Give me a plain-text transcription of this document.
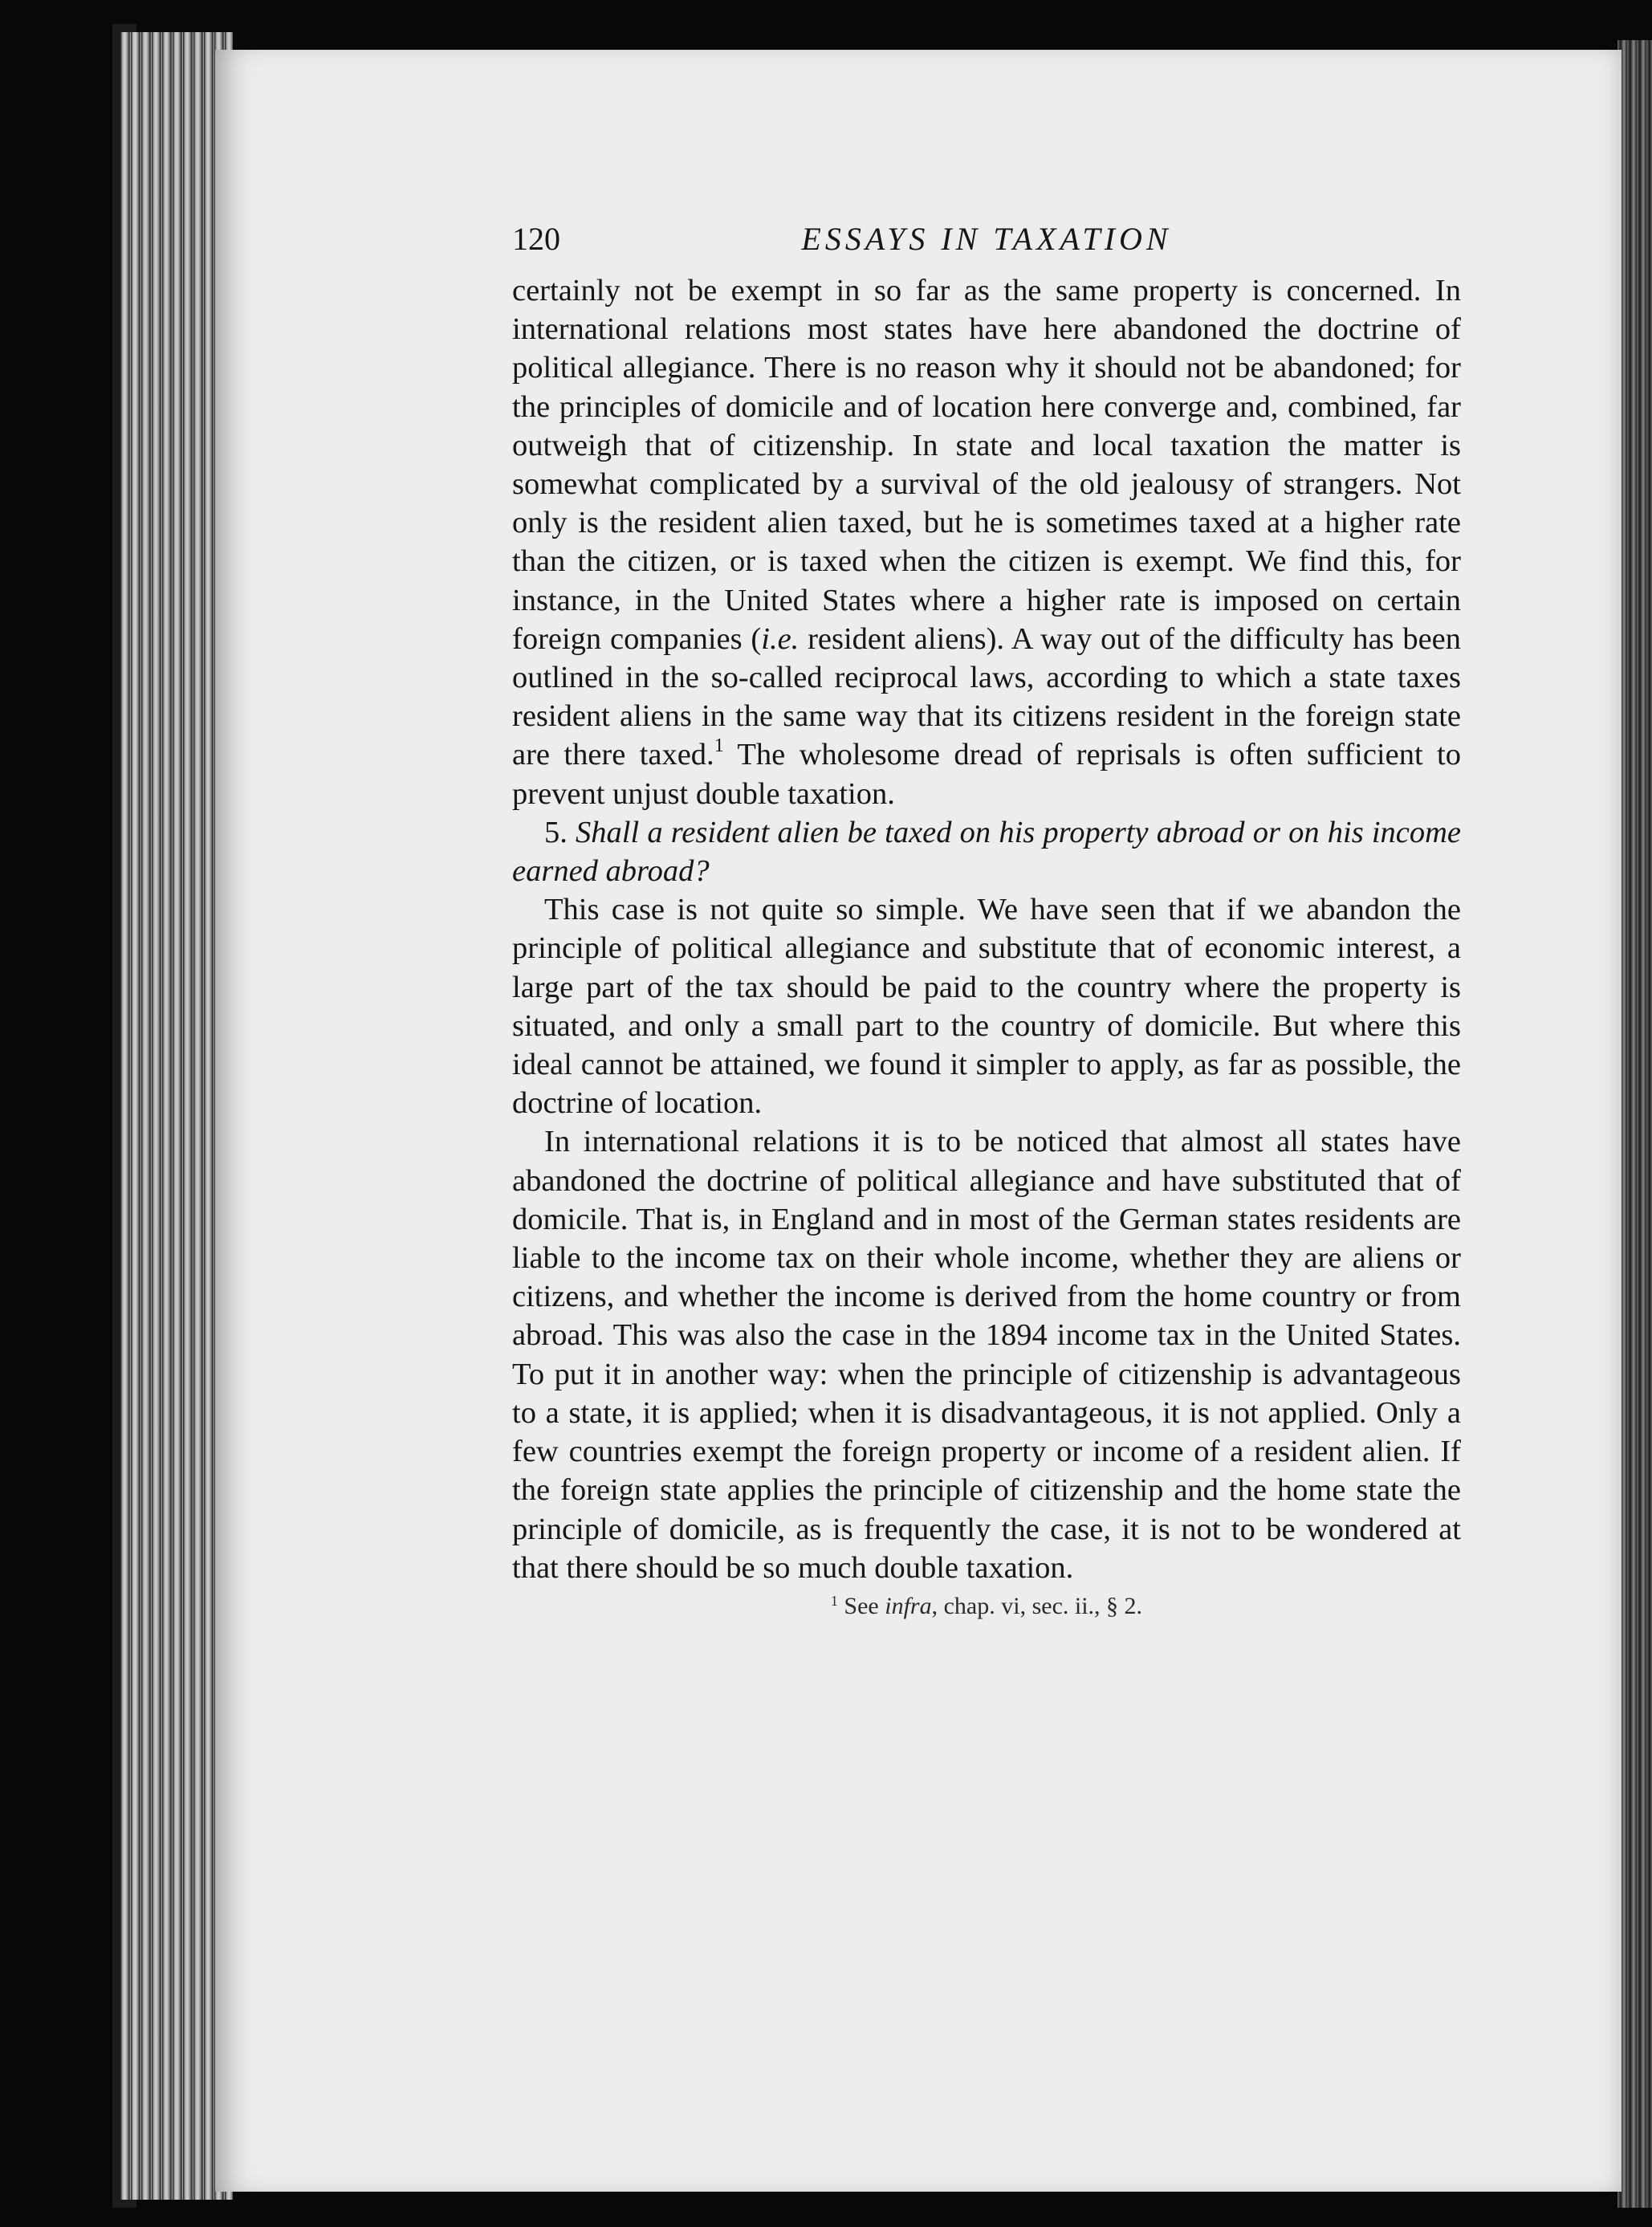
120	ESSAYS IN TAXATION

certainly not be exempt in so far as the same property is concerned. In international relations most states have here abandoned the doctrine of political allegiance. There is no reason why it should not be abandoned; for the principles of domicile and of location here converge and, combined, far outweigh that of citizenship. In state and local taxation the matter is somewhat complicated by a survival of the old jealousy of strangers. Not only is the resident alien taxed, but he is sometimes taxed at a higher rate than the citizen, or is taxed when the citizen is exempt. We find this, for instance, in the United States where a higher rate is imposed on certain foreign companies (i.e. resident aliens). A way out of the difficulty has been outlined in the so-called reciprocal laws, according to which a state taxes resident aliens in the same way that its citizens resident in the foreign state are there taxed.$^1$ The wholesome dread of reprisals is often sufficient to prevent unjust double taxation.

5. Shall a resident alien be taxed on his property abroad or on his income earned abroad?

This case is not quite so simple. We have seen that if we abandon the principle of political allegiance and substitute that of economic interest, a large part of the tax should be paid to the country where the property is situated, and only a small part to the country of domicile. But where this ideal cannot be attained, we found it simpler to apply, as far as possible, the doctrine of location.

In international relations it is to be noticed that almost all states have abandoned the doctrine of political allegiance and have substituted that of domicile. That is, in England and in most of the German states residents are liable to the income tax on their whole income, whether they are aliens or citizens, and whether the income is derived from the home country or from abroad. This was also the case in the 1894 income tax in the United States. To put it in another way: when the principle of citizenship is advantageous to a state, it is applied; when it is disadvantageous, it is not applied. Only a few countries exempt the foreign property or income of a resident alien. If the foreign state applies the principle of citizenship and the home state the principle of domicile, as is frequently the case, it is not to be wondered at that there should be so much double taxation.

$^1$ See infra, chap. vi, sec. ii., § 2.
